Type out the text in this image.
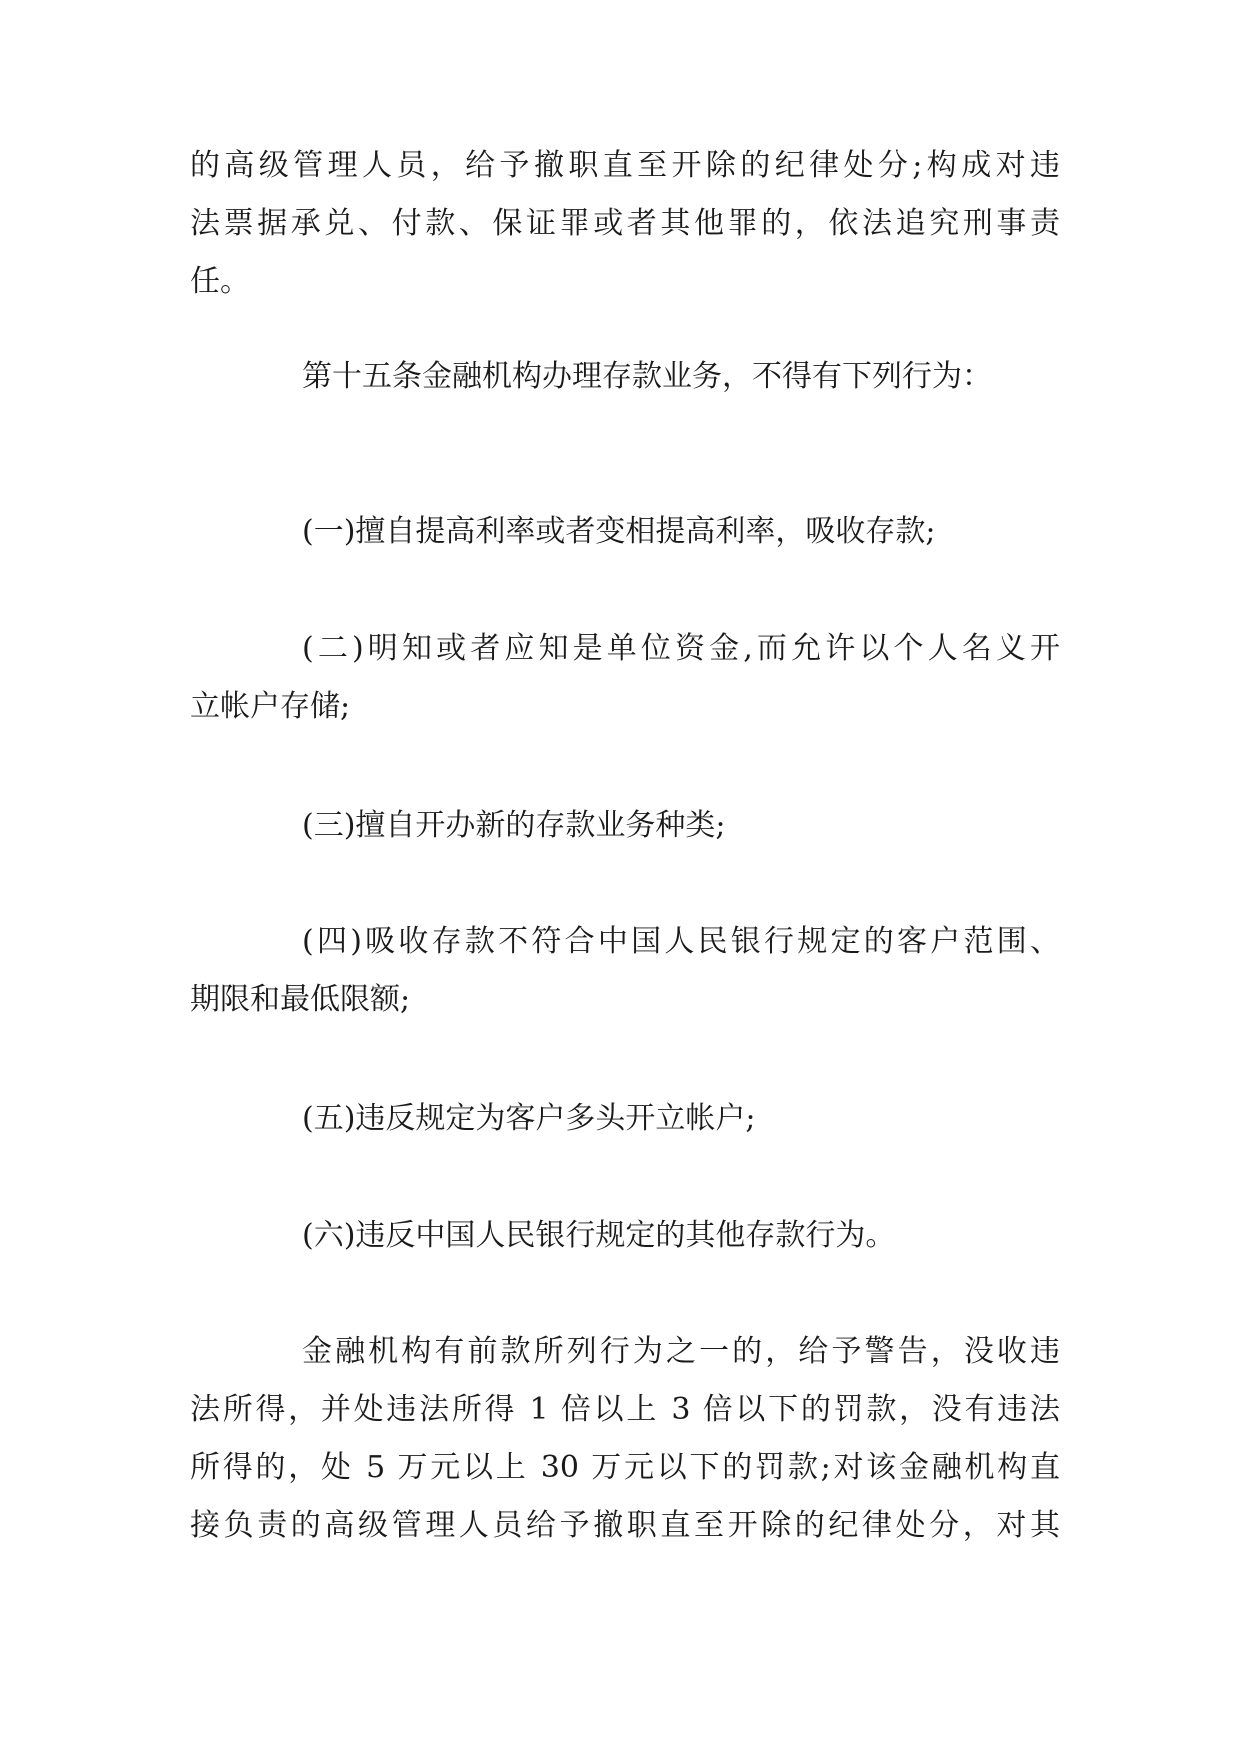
的高级管理人员，给予撤职直至开除的纪律处分;构成对违
法票据承兑、付款、保证罪或者其他罪的，依法追究刑事责
任。

第十五条金融机构办理存款业务，不得有下列行为：

(一)擅自提高利率或者变相提高利率，吸收存款;

(二)明知或者应知是单位资金,而允许以个人名义开
立帐户存储;

(三)擅自开办新的存款业务种类;

(四)吸收存款不符合中国人民银行规定的客户范围、
期限和最低限额;

(五)违反规定为客户多头开立帐户;

(六)违反中国人民银行规定的其他存款行为。

金融机构有前款所列行为之一的，给予警告，没收违
法所得，并处违法所得 1 倍以上 3 倍以下的罚款，没有违法
所得的，处 5 万元以上 30 万元以下的罚款;对该金融机构直
接负责的高级管理人员给予撤职直至开除的纪律处分，对其
